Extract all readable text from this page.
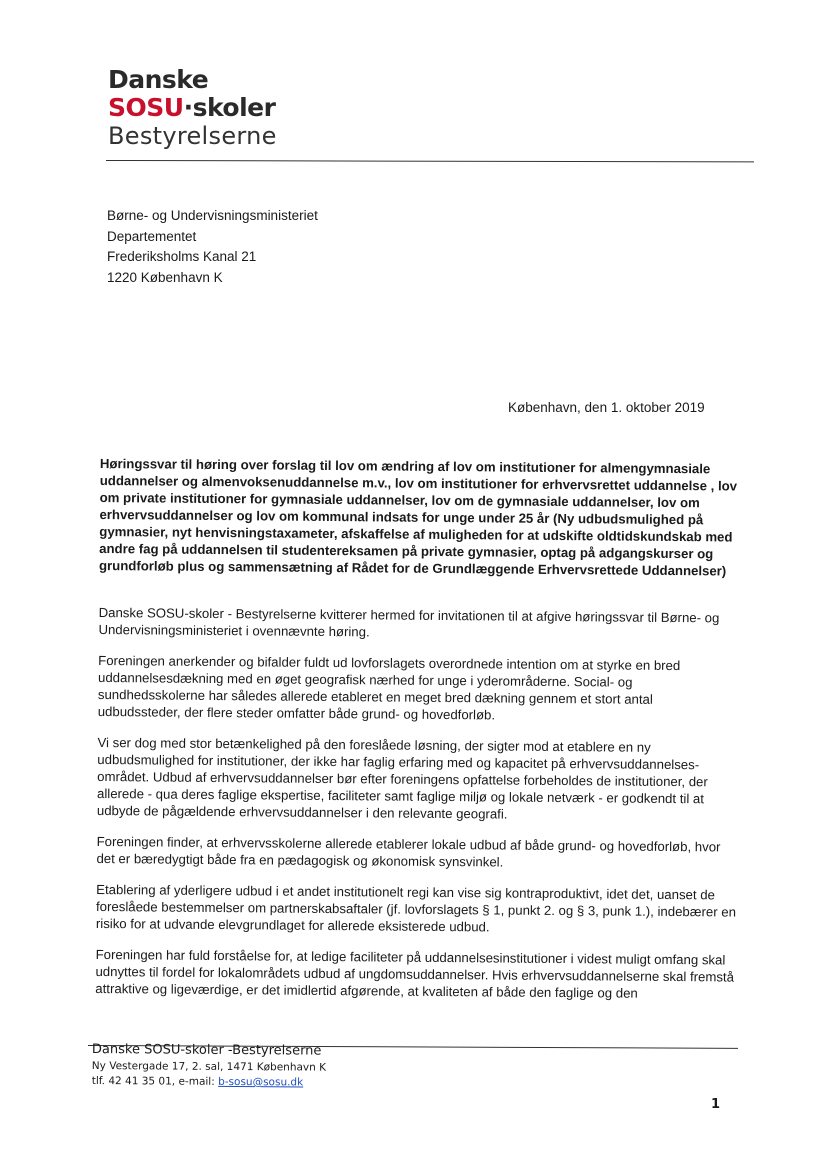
Danske
SOSU·skoler
Bestyrelserne
Børne- og Undervisningsministeriet
Departementet
Frederiksholms Kanal 21
1220 København K
København, den 1. oktober 2019

Høringssvar til høring over forslag til lov om ændring af lov om institutioner for almengymnasiale uddannelser og almenvoksenuddannelse m.v., lov om institutioner for erhvervsrettet uddannelse , lov om private institutioner for gymnasiale uddannelser, lov om de gymnasiale uddannelser, lov om erhvervsuddannelser og lov om kommunal indsats for unge under 25 år (Ny udbudsmulighed på gymnasier, nyt henvisningstaxameter, afskaffelse af muligheden for at udskifte oldtidskundskab med andre fag på uddannelsen til studentereksamen på private gymnasier, optag på adgangskurser og grundforløb plus og sammensætning af Rådet for de Grundlæggende Erhvervsrettede Uddannelser)

Danske SOSU-skoler - Bestyrelserne kvitterer hermed for invitationen til at afgive høringssvar til Børne- og Undervisningsministeriet i ovennævnte høring.

Foreningen anerkender og bifalder fuldt ud lovforslagets overordnede intention om at styrke en bred uddannelsesdækning med en øget geografisk nærhed for unge i yderområderne. Social- og sundhedsskolerne har således allerede etableret en meget bred dækning gennem et stort antal udbudssteder, der flere steder omfatter både grund- og hovedforløb.

Vi ser dog med stor betænkelighed på den foreslåede løsning, der sigter mod at etablere en ny udbudsmulighed for institutioner, der ikke har faglig erfaring med og kapacitet på erhvervsuddannelses-området. Udbud af erhvervsuddannelser bør efter foreningens opfattelse forbeholdes de institutioner, der allerede - qua deres faglige ekspertise, faciliteter samt faglige miljø og lokale netværk - er godkendt til at udbyde de pågældende erhvervsuddannelser i den relevante geografi.

Foreningen finder, at erhvervsskolerne allerede etablerer lokale udbud af både grund- og hovedforløb, hvor det er bæredygtigt både fra en pædagogisk og økonomisk synsvinkel.

Etablering af yderligere udbud i et andet institutionelt regi kan vise sig kontraproduktivt, idet det, uanset de foreslåede bestemmelser om partnerskabsaftaler (jf. lovforslagets § 1, punkt 2. og § 3, punk 1.), indebærer en risiko for at udvande elevgrundlaget for allerede eksisterede udbud.

Foreningen har fuld forståelse for, at ledige faciliteter på uddannelsesinstitutioner i videst muligt omfang skal udnyttes til fordel for lokalområdets udbud af ungdomsuddannelser. Hvis erhvervsuddannelserne skal fremstå attraktive og ligeværdige, er det imidlertid afgørende, at kvaliteten af både den faglige og den

Danske SOSU-skoler -Bestyrelserne
Ny Vestergade 17, 2. sal, 1471 København K
tlf. 42 41 35 01, e-mail: b-sosu@sosu.dk
1
